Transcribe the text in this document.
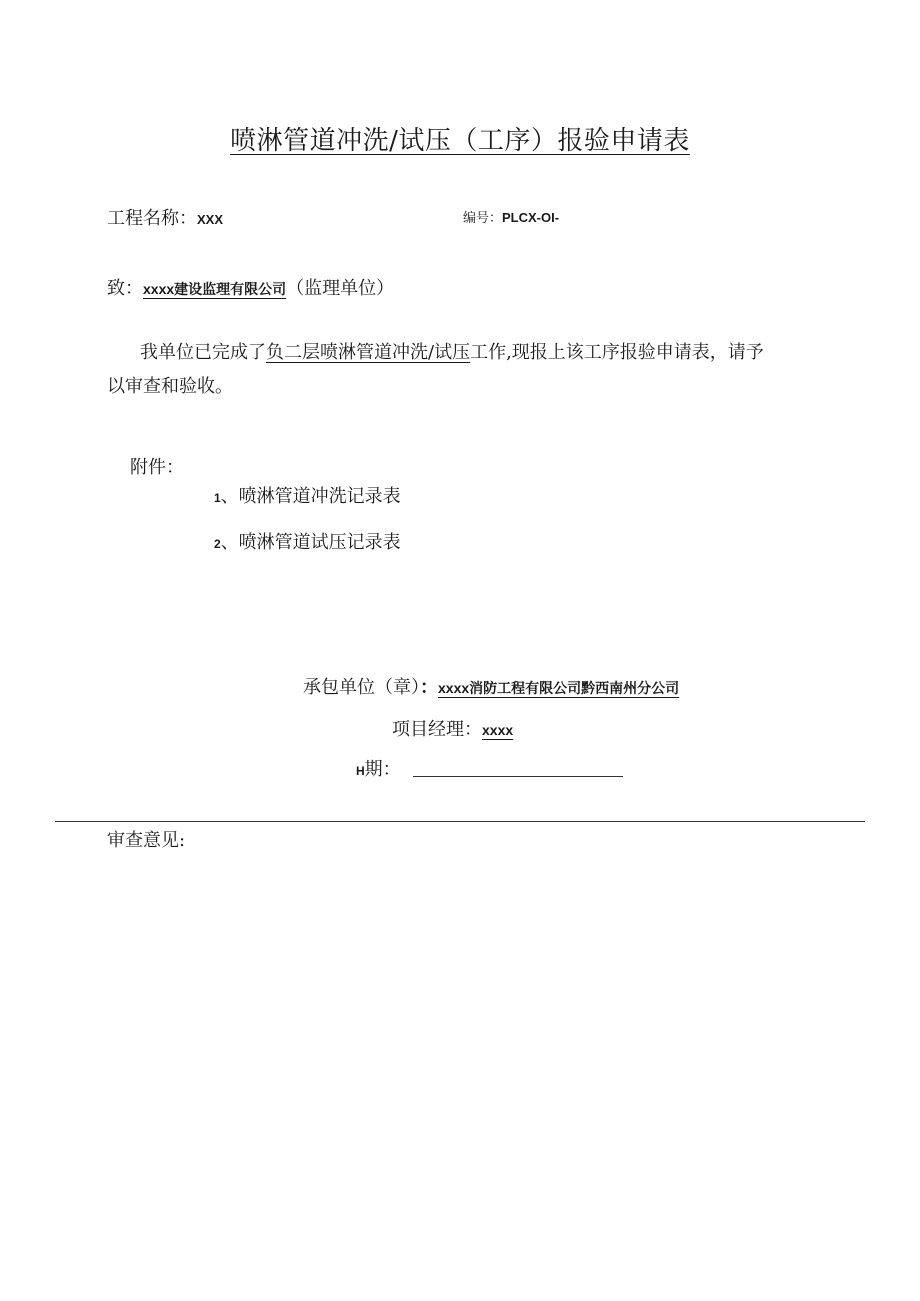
喷淋管道冲洗/试压（工序）报验申请表
工程名称：XXX	编号：PLCX-OI-
致：xxxx建设监理有限公司（监理单位）
我单位已完成了负二层喷淋管道冲洗/试压工作,现报上该工序报验申请表，请予
以审查和验收。
附件：
1、喷淋管道冲洗记录表
2、喷淋管道试压记录表
承包单位（章）：xxxx消防工程有限公司黔西南州分公司
项目经理：xxxx
H期：
审查意见:
